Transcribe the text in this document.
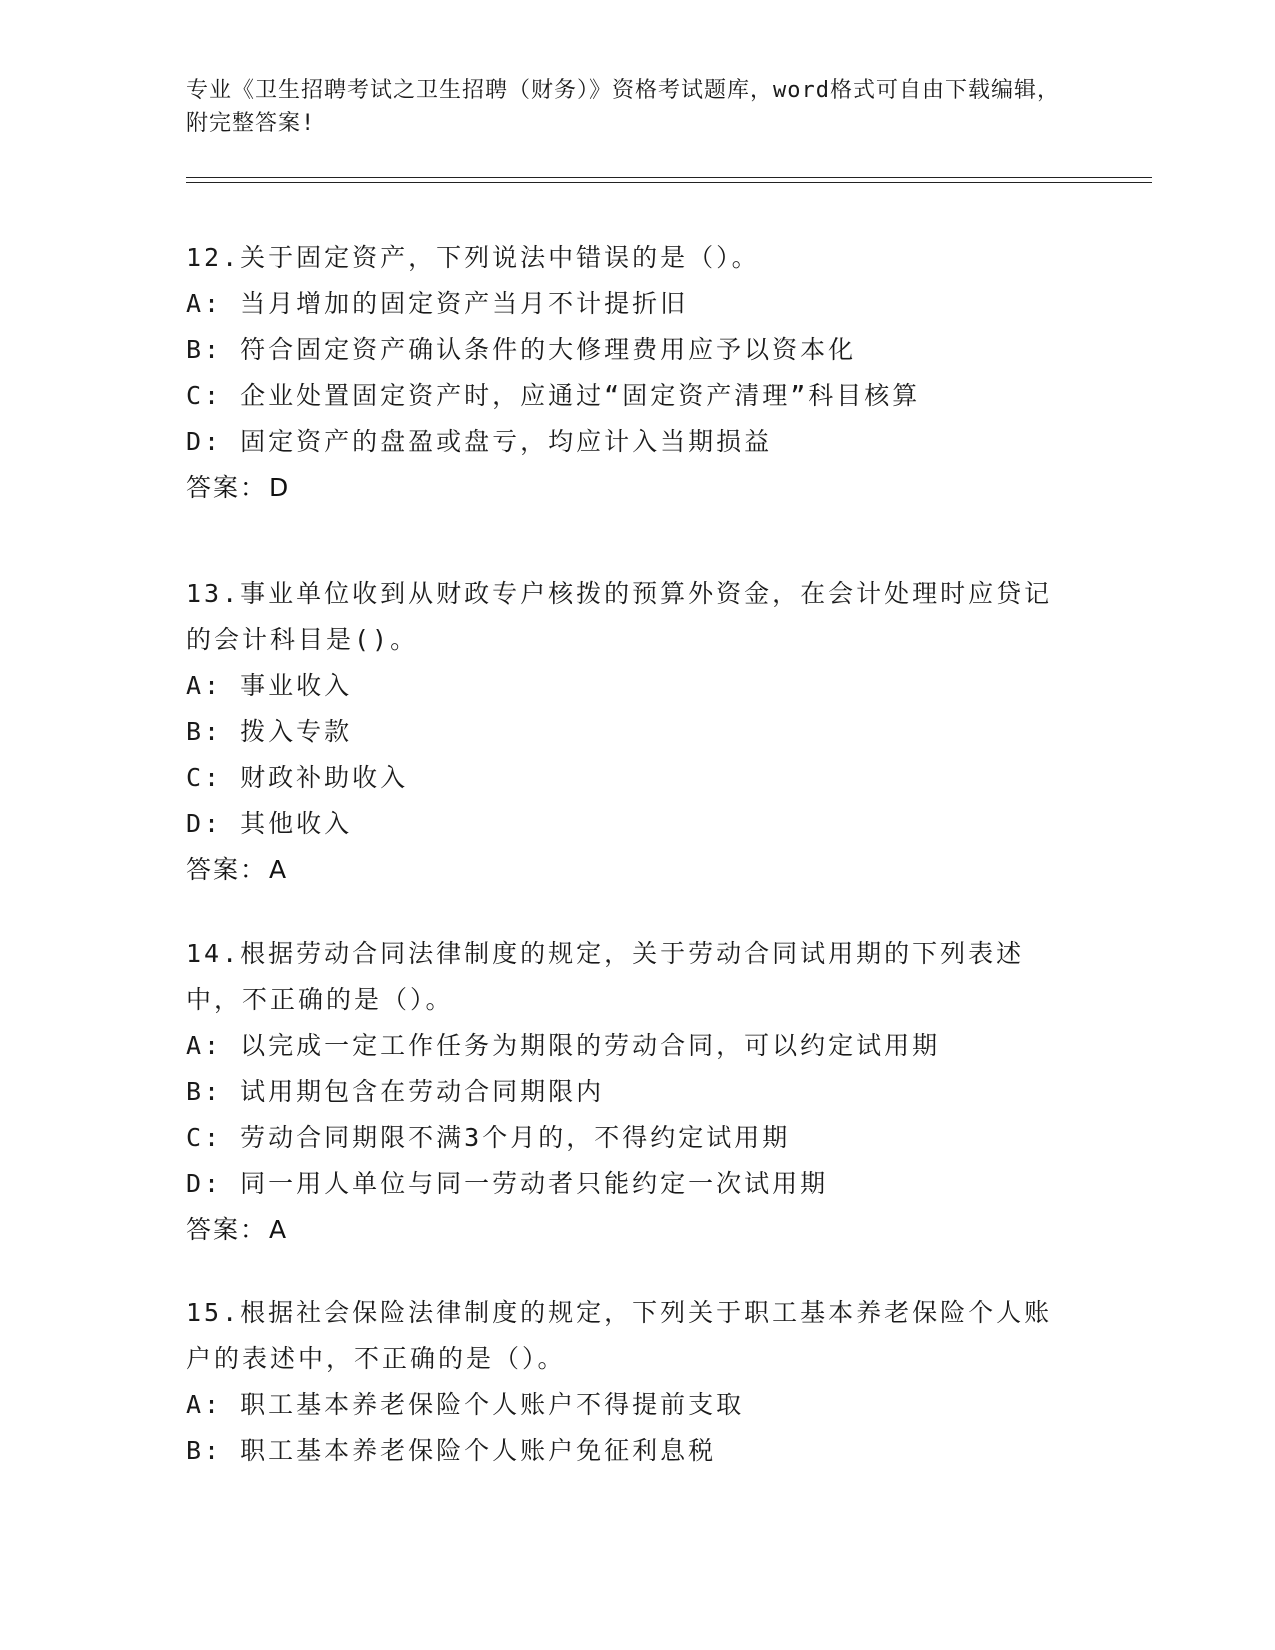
专业《卫生招聘考试之卫生招聘（财务）》资格考试题库，word格式可自由下载编辑，附完整答案!
12.关于固定资产，下列说法中错误的是（）。
A: 当月增加的固定资产当月不计提折旧
B: 符合固定资产确认条件的大修理费用应予以资本化
C: 企业处置固定资产时，应通过“固定资产清理”科目核算
D: 固定资产的盘盈或盘亏，均应计入当期损益
答案：D
13.事业单位收到从财政专户核拨的预算外资金，在会计处理时应贷记的会计科目是()。
A: 事业收入
B: 拨入专款
C: 财政补助收入
D: 其他收入
答案：A
14.根据劳动合同法律制度的规定，关于劳动合同试用期的下列表述中，不正确的是（）。
A: 以完成一定工作任务为期限的劳动合同，可以约定试用期
B: 试用期包含在劳动合同期限内
C: 劳动合同期限不满3个月的，不得约定试用期
D: 同一用人单位与同一劳动者只能约定一次试用期
答案：A
15.根据社会保险法律制度的规定，下列关于职工基本养老保险个人账户的表述中，不正确的是（）。
A: 职工基本养老保险个人账户不得提前支取
B: 职工基本养老保险个人账户免征利息税
